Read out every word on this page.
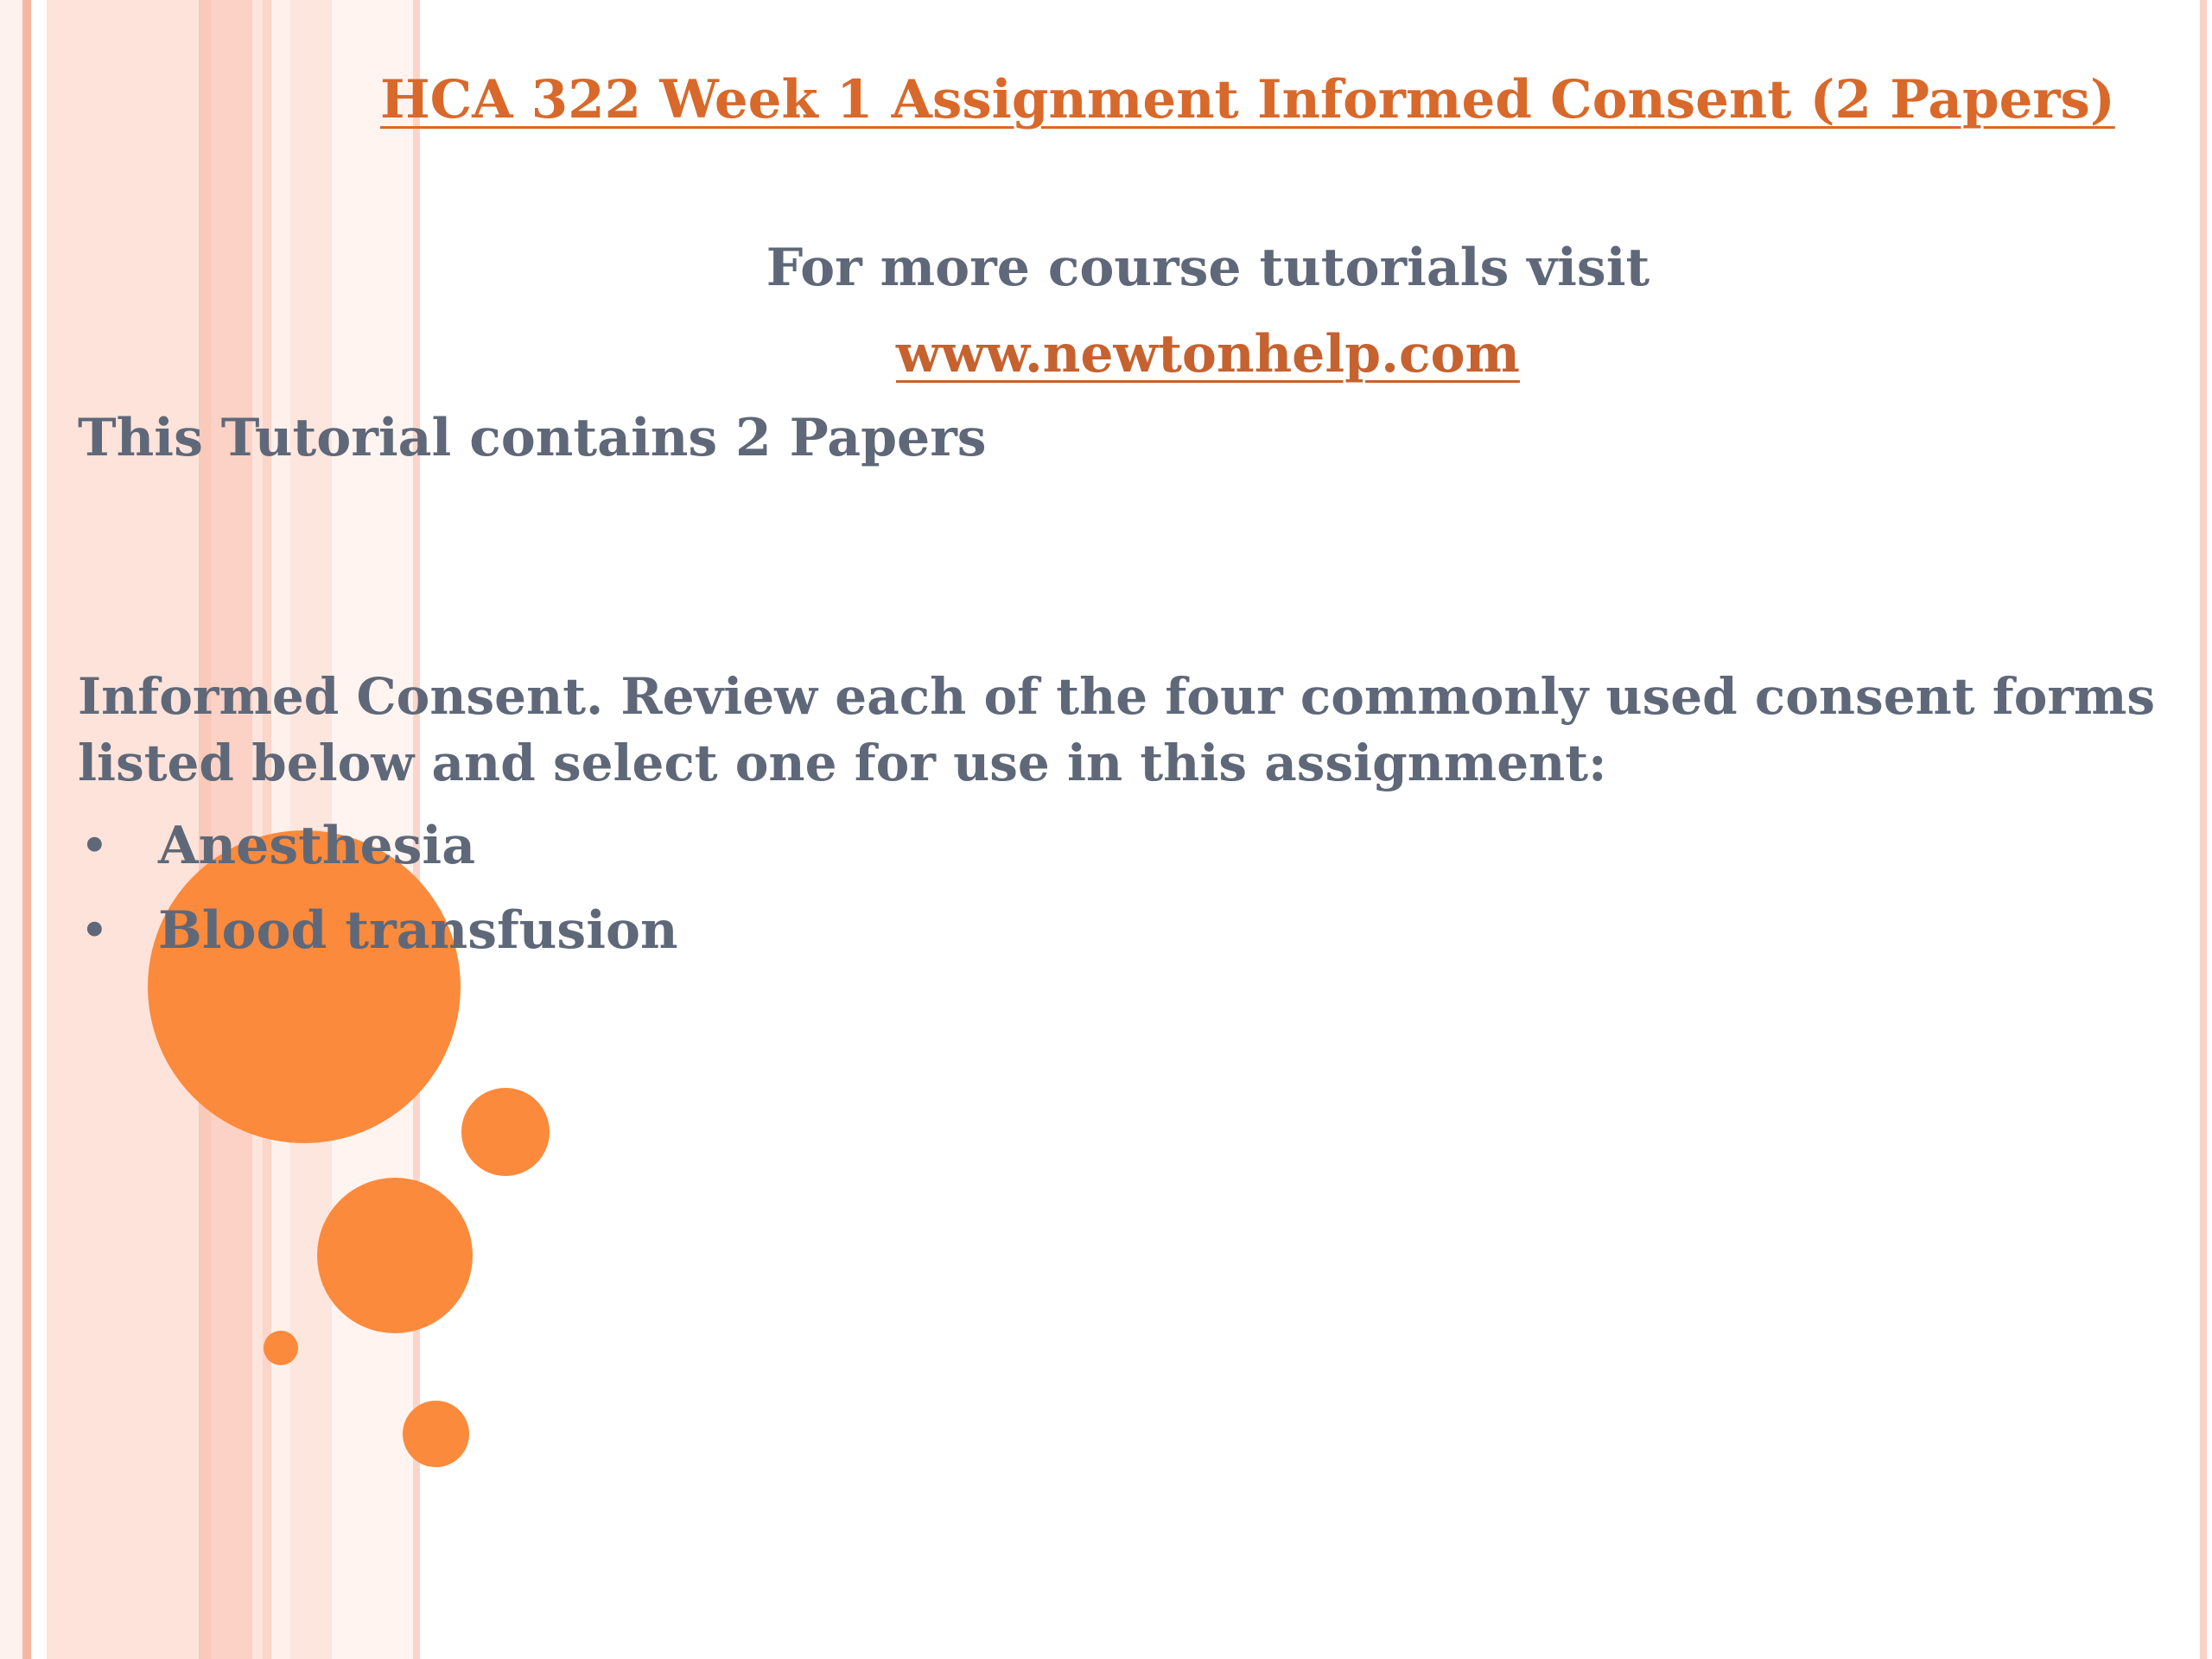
HCA 322 Week 1 Assignment Informed Consent (2 Papers)
For more course tutorials visit
www.newtonhelp.com
This Tutorial contains 2 Papers
Informed Consent. Review each of the four commonly used consent forms listed below and select one for use in this assignment:
• Anesthesia
• Blood transfusion
